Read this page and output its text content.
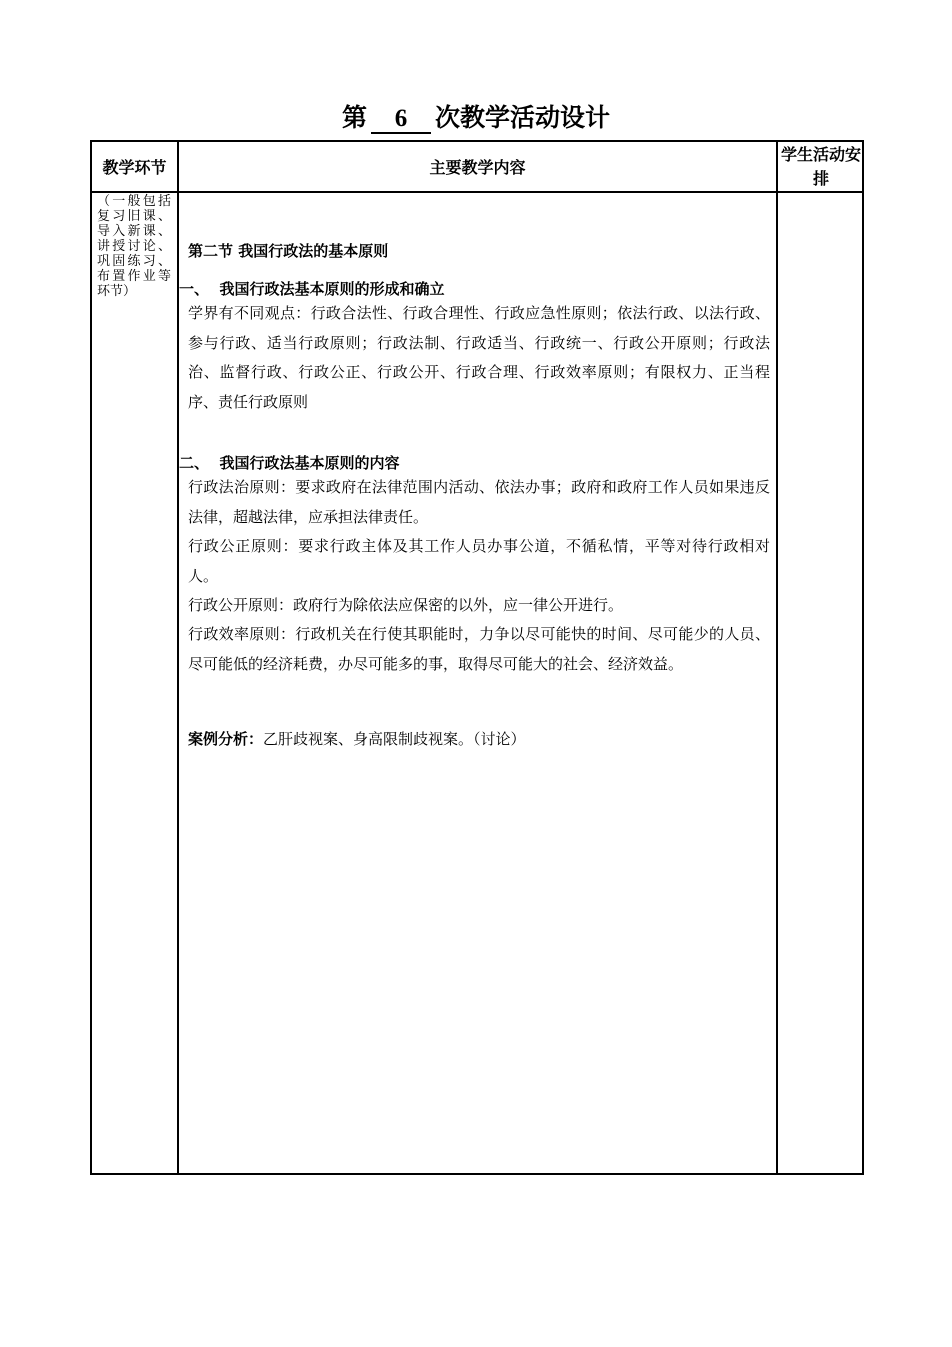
第 6 次教学活动设计
教学环节	主要教学内容
学生活动安排
（一般包括复习旧课、导入新课、讲授讨论、巩固练习、布置作业等环节）

第二节 我国行政法的基本原则

一、  我国行政法基本原则的形成和确立

学界有不同观点：行政合法性、行政合理性、行政应急性原则；依法行政、以法行政、参与行政、适当行政原则；行政法制、行政适当、行政统一、行政公开原则；行政法治、监督行政、行政公正、行政公开、行政合理、行政效率原则；有限权力、正当程序、责任行政原则

二、  我国行政法基本原则的内容

行政法治原则：要求政府在法律范围内活动、依法办事；政府和政府工作人员如果违反法律，超越法律，应承担法律责任。

行政公正原则：要求行政主体及其工作人员办事公道，不循私情，平等对待行政相对人。

行政公开原则：政府行为除依法应保密的以外，应一律公开进行。

行政效率原则：行政机关在行使其职能时，力争以尽可能快的时间、尽可能少的人员、尽可能低的经济耗费，办尽可能多的事，取得尽可能大的社会、经济效益。

案例分析：乙肝歧视案、身高限制歧视案。（讨论）
